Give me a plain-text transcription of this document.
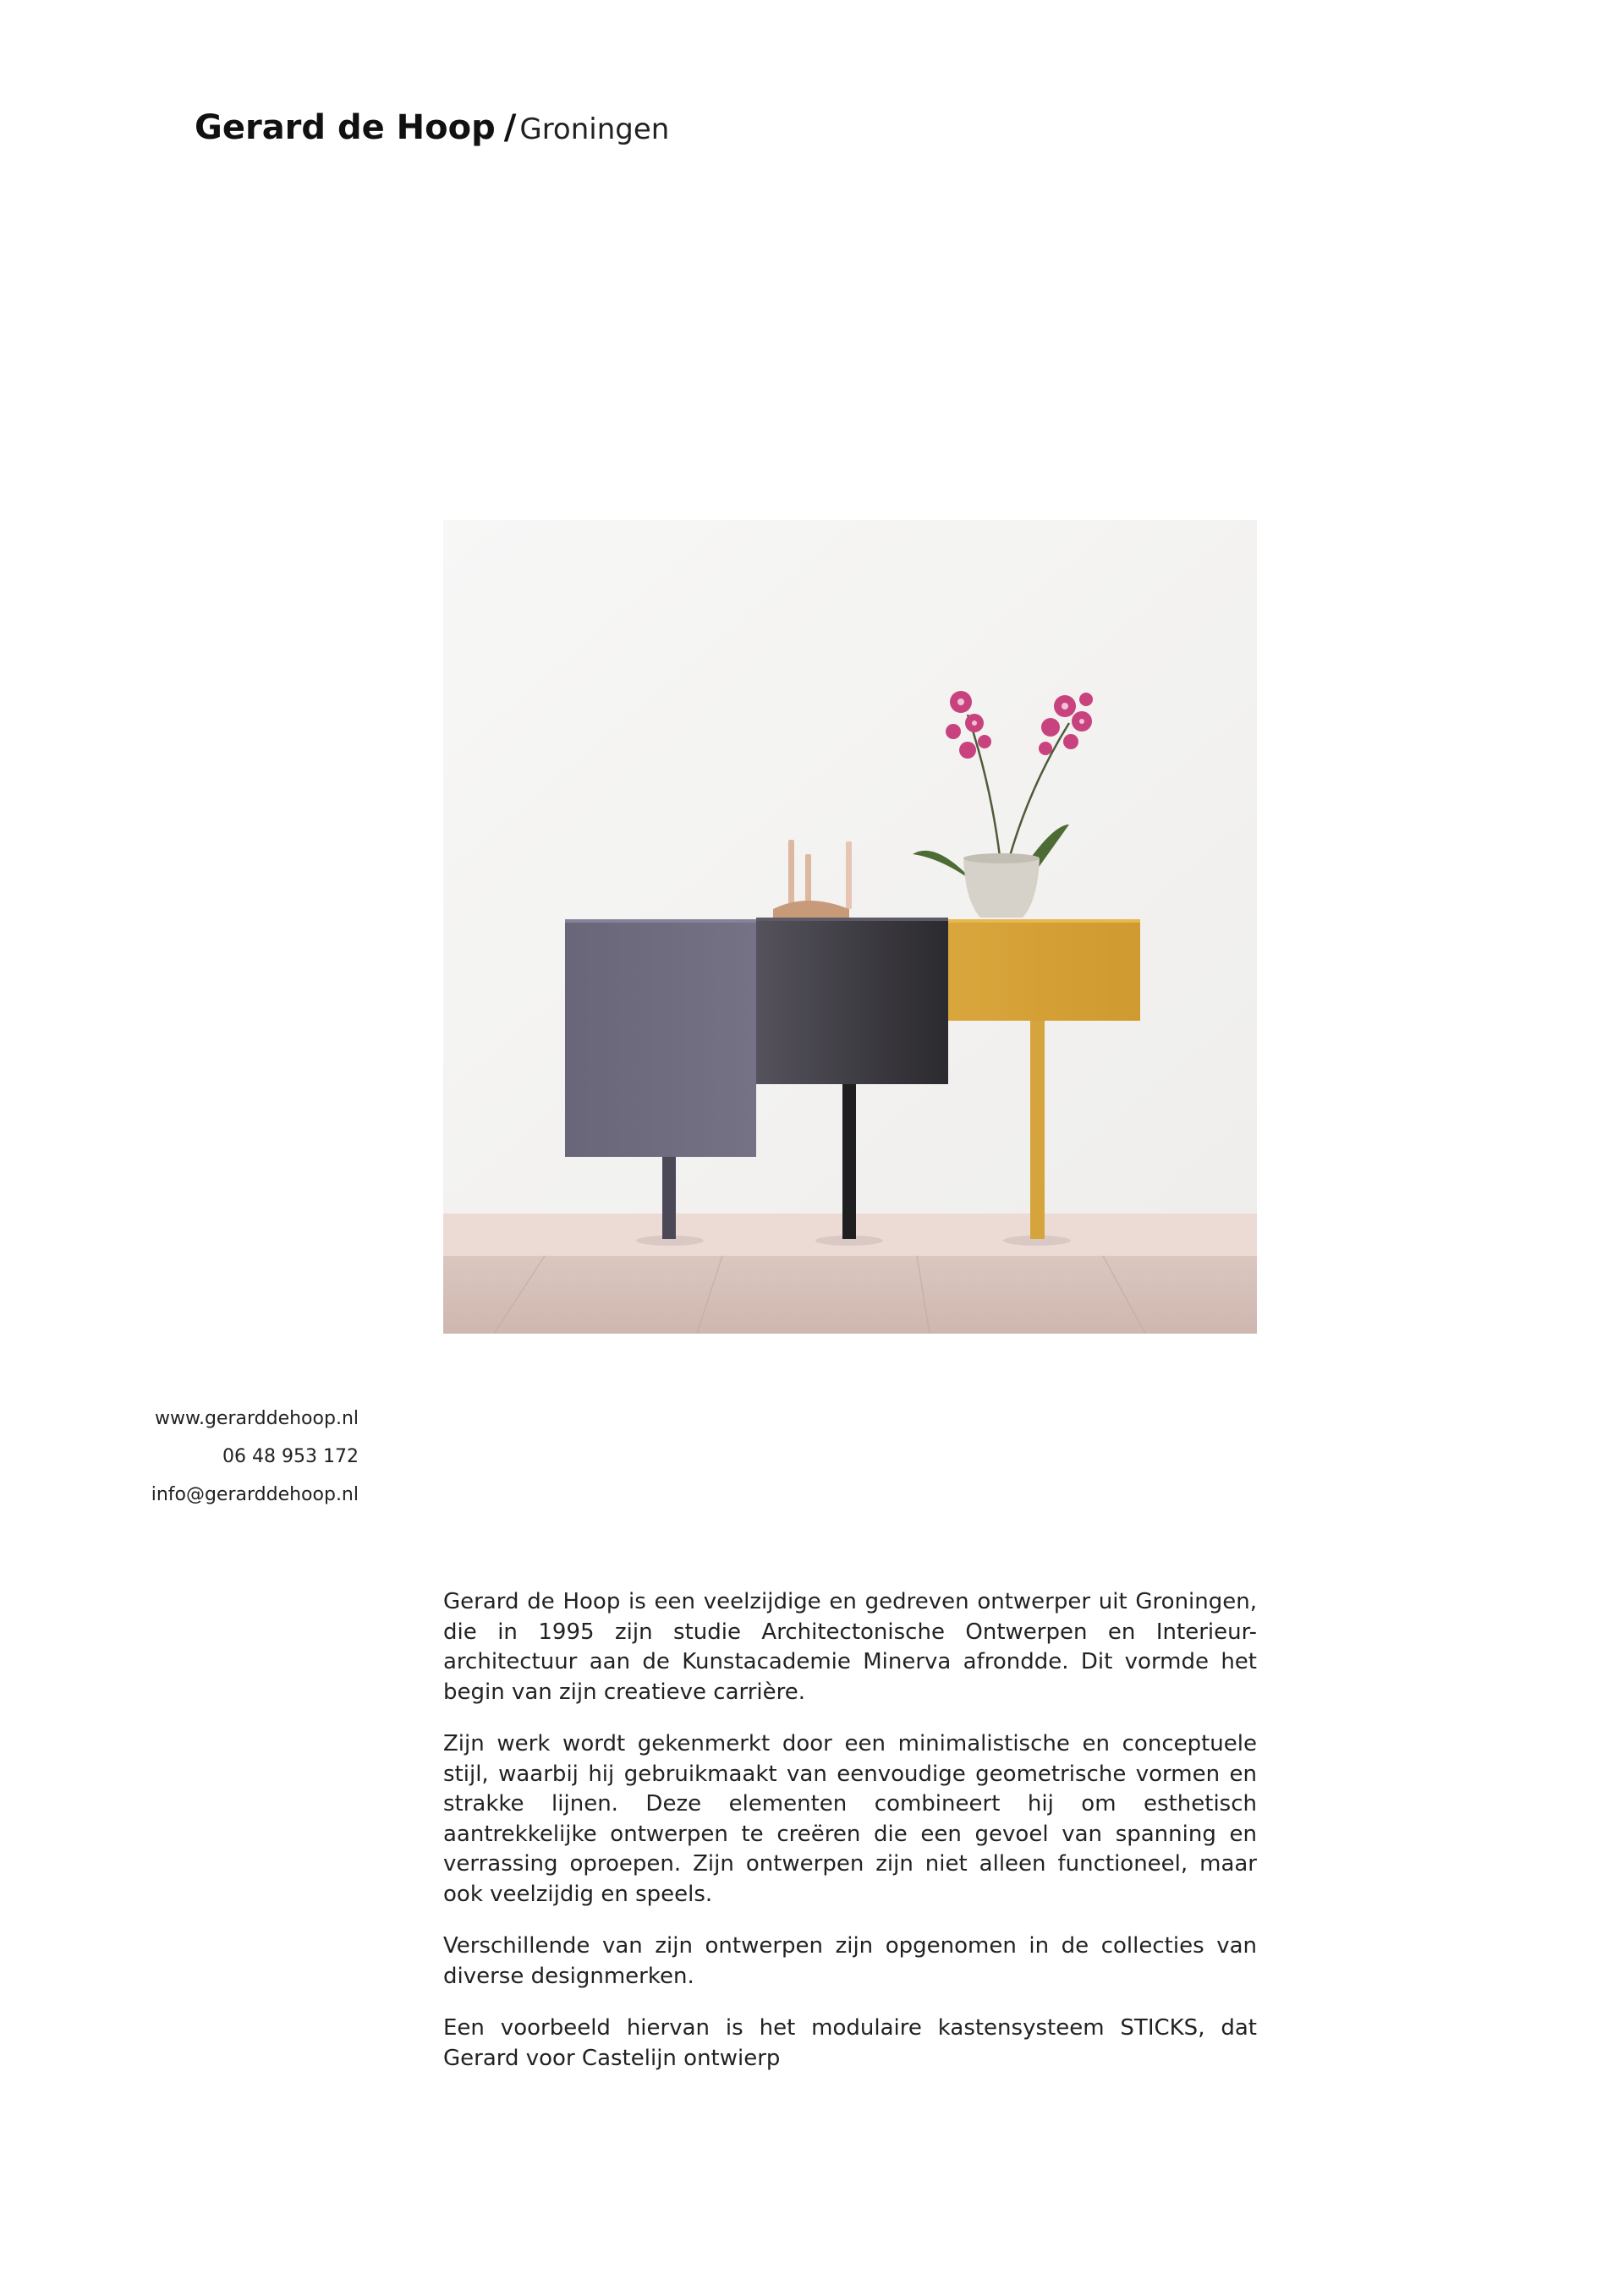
Gerard de Hoop / Groningen
www.gerarddehoop.nl
06 48 953 172
info@gerarddehoop.nl

Gerard de Hoop is een veelzijdige en gedreven ontwerper uit Groningen, die in 1995 zijn studie Architectonische Ontwerpen en Interieur-architectuur aan de Kunstacademie Minerva afrondde. Dit vormde het begin van zijn creatieve carrière.

Zijn werk wordt gekenmerkt door een minimalistische en conceptuele stijl, waarbij hij gebruikmaakt van eenvoudige geometrische vormen en strakke lijnen. Deze elementen combineert hij om esthetisch aantrekkelijke ontwerpen te creëren die een gevoel van spanning en verrassing oproepen. Zijn ontwerpen zijn niet alleen functioneel, maar ook veelzijdig en speels.

Verschillende van zijn ontwerpen zijn opgenomen in de collecties van diverse designmerken.

Een voorbeeld hiervan is het modulaire kastensysteem STICKS, dat Gerard voor Castelijn ontwierp
